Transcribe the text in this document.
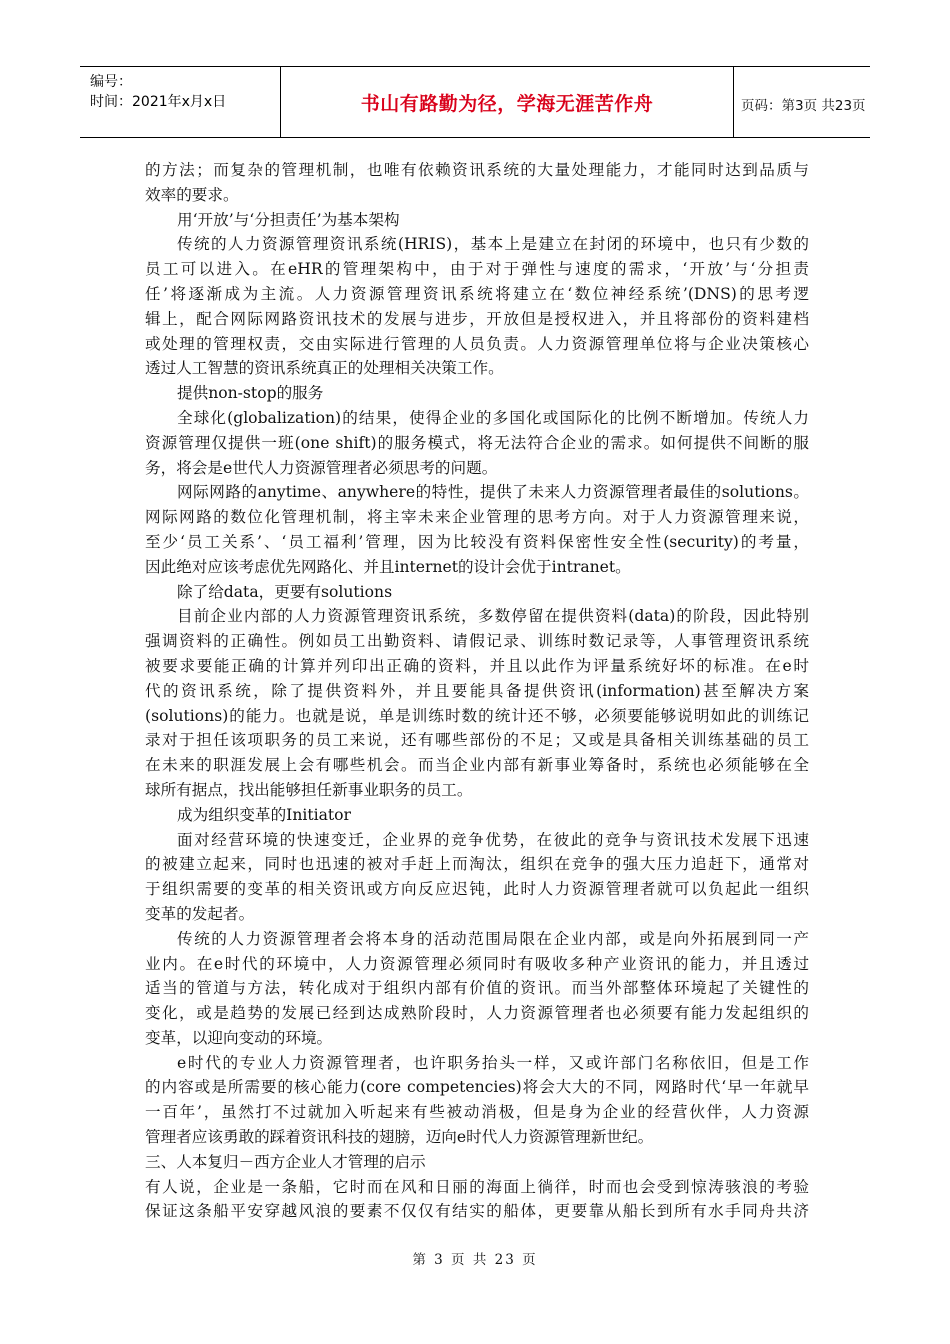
编号：
时间：2021年x月x日	书山有路勤为径，学海无涯苦作舟	页码：第3页 共23页
的方法；而复杂的管理机制，也唯有依赖资讯系统的大量处理能力，才能同时达到品质与
效率的要求。
用‘开放’与‘分担责任’为基本架构
传统的人力资源管理资讯系统(HRIS)，基本上是建立在封闭的环境中，也只有少数的
员工可以进入。在eHR的管理架构中，由于对于弹性与速度的需求，‘开放’与‘分担责
任’将逐渐成为主流。人力资源管理资讯系统将建立在‘数位神经系统’(DNS)的思考逻
辑上，配合网际网路资讯技术的发展与进步，开放但是授权进入，并且将部份的资料建档
或处理的管理权责，交由实际进行管理的人员负责。人力资源管理单位将与企业决策核心
透过人工智慧的资讯系统真正的处理相关决策工作。
提供non-stop的服务
全球化(globalization)的结果，使得企业的多国化或国际化的比例不断增加。传统人力
资源管理仅提供一班(one shift)的服务模式，将无法符合企业的需求。如何提供不间断的服
务，将会是e世代人力资源管理者必须思考的问题。
网际网路的anytime、anywhere的特性，提供了未来人力资源管理者最佳的solutions。
网际网路的数位化管理机制，将主宰未来企业管理的思考方向。对于人力资源管理来说，
至少‘员工关系’、‘员工福利’管理，因为比较没有资料保密性安全性(security)的考量，
因此绝对应该考虑优先网路化、并且internet的设计会优于intranet。
除了给data，更要有solutions
目前企业内部的人力资源管理资讯系统，多数停留在提供资料(data)的阶段，因此特别
强调资料的正确性。例如员工出勤资料、请假记录、训练时数记录等，人事管理资讯系统
被要求要能正确的计算并列印出正确的资料，并且以此作为评量系统好坏的标准。在e时
代的资讯系统，除了提供资料外，并且要能具备提供资讯(information)甚至解决方案
(solutions)的能力。也就是说，单是训练时数的统计还不够，必须要能够说明如此的训练记
录对于担任该项职务的员工来说，还有哪些部份的不足；又或是具备相关训练基础的员工
在未来的职涯发展上会有哪些机会。而当企业内部有新事业筹备时，系统也必须能够在全
球所有据点，找出能够担任新事业职务的员工。
成为组织变革的Initiator
面对经营环境的快速变迁，企业界的竞争优势，在彼此的竞争与资讯技术发展下迅速
的被建立起来，同时也迅速的被对手赶上而淘汰，组织在竞争的强大压力追赶下，通常对
于组织需要的变革的相关资讯或方向反应迟钝，此时人力资源管理者就可以负起此一组织
变革的发起者。
传统的人力资源管理者会将本身的活动范围局限在企业内部，或是向外拓展到同一产
业内。在e时代的环境中，人力资源管理必须同时有吸收多种产业资讯的能力，并且透过
适当的管道与方法，转化成对于组织内部有价值的资讯。而当外部整体环境起了关键性的
变化，或是趋势的发展已经到达成熟阶段时，人力资源管理者也必须要有能力发起组织的
变革，以迎向变动的环境。
e时代的专业人力资源管理者，也许职务抬头一样，又或许部门名称依旧，但是工作
的内容或是所需要的核心能力(core competencies)将会大大的不同，网路时代‘早一年就早
一百年’，虽然打不过就加入听起来有些被动消极，但是身为企业的经营伙伴，人力资源
管理者应该勇敢的踩着资讯科技的翅膀，迈向e时代人力资源管理新世纪。
三、人本复归－西方企业人才管理的启示
有人说，企业是一条船，它时而在风和日丽的海面上徜徉，时而也会受到惊涛骇浪的考验
保证这条船平安穿越风浪的要素不仅仅有结实的船体，更要靠从船长到所有水手同舟共济
第 3 页 共 23 页
